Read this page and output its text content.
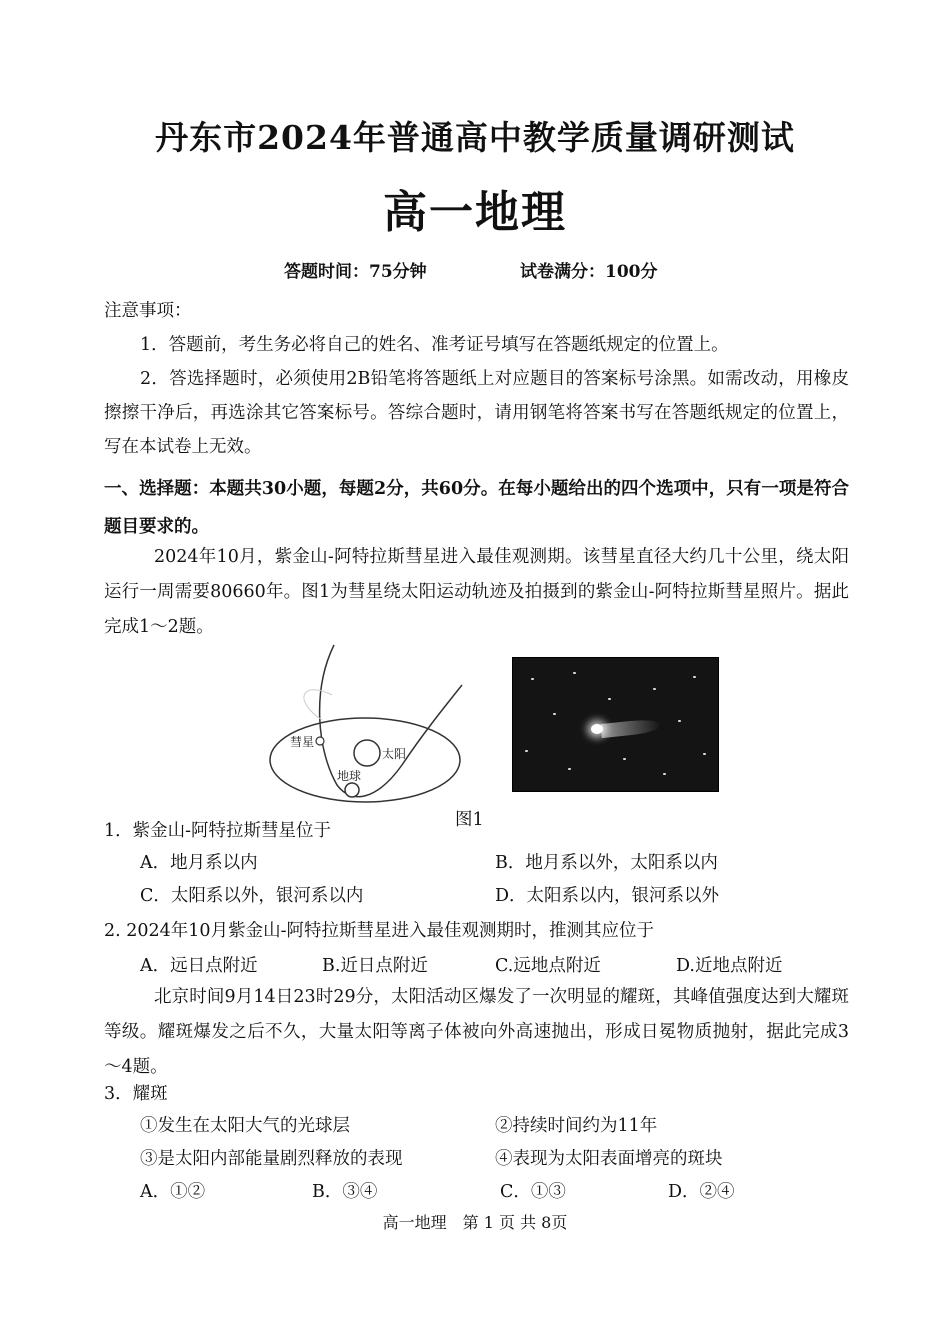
丹东市2024年普通高中教学质量调研测试
高一地理
答题时间：75分钟	试卷满分：100分
注意事项：
1．答题前，考生务必将自己的姓名、准考证号填写在答题纸规定的位置上。
2．答选择题时，必须使用2B铅笔将答题纸上对应题目的答案标号涂黑。如需改动，用橡皮擦擦干净后，再选涂其它答案标号。答综合题时，请用钢笔将答案书写在答题纸规定的位置上，写在本试卷上无效。
一、选择题：本题共30小题，每题2分，共60分。在每小题给出的四个选项中，只有一项是符合题目要求的。
2024年10月，紫金山-阿特拉斯彗星进入最佳观测期。该彗星直径大约几十公里，绕太阳运行一周需要80660年。图1为彗星绕太阳运动轨迹及拍摄到的紫金山-阿特拉斯彗星照片。据此完成1～2题。
彗星
太阳
地球
图1
1．紫金山-阿特拉斯彗星位于
A．地月系以内	B．地月系以外，太阳系以内
C．太阳系以外，银河系以内	D．太阳系以内，银河系以外
2. 2024年10月紫金山-阿特拉斯彗星进入最佳观测期时，推测其应位于
A．远日点附近	B.近日点附近	C.远地点附近	D.近地点附近
北京时间9月14日23时29分，太阳活动区爆发了一次明显的耀斑，其峰值强度达到大耀斑等级。耀斑爆发之后不久，大量太阳等离子体被向外高速抛出，形成日冕物质抛射，据此完成3～4题。
3．耀斑
①发生在太阳大气的光球层	②持续时间约为11年
③是太阳内部能量剧烈释放的表现	④表现为太阳表面增亮的斑块
A．①②	B．③④	C．①③	D．②④
高一地理　第 1 页 共 8页
